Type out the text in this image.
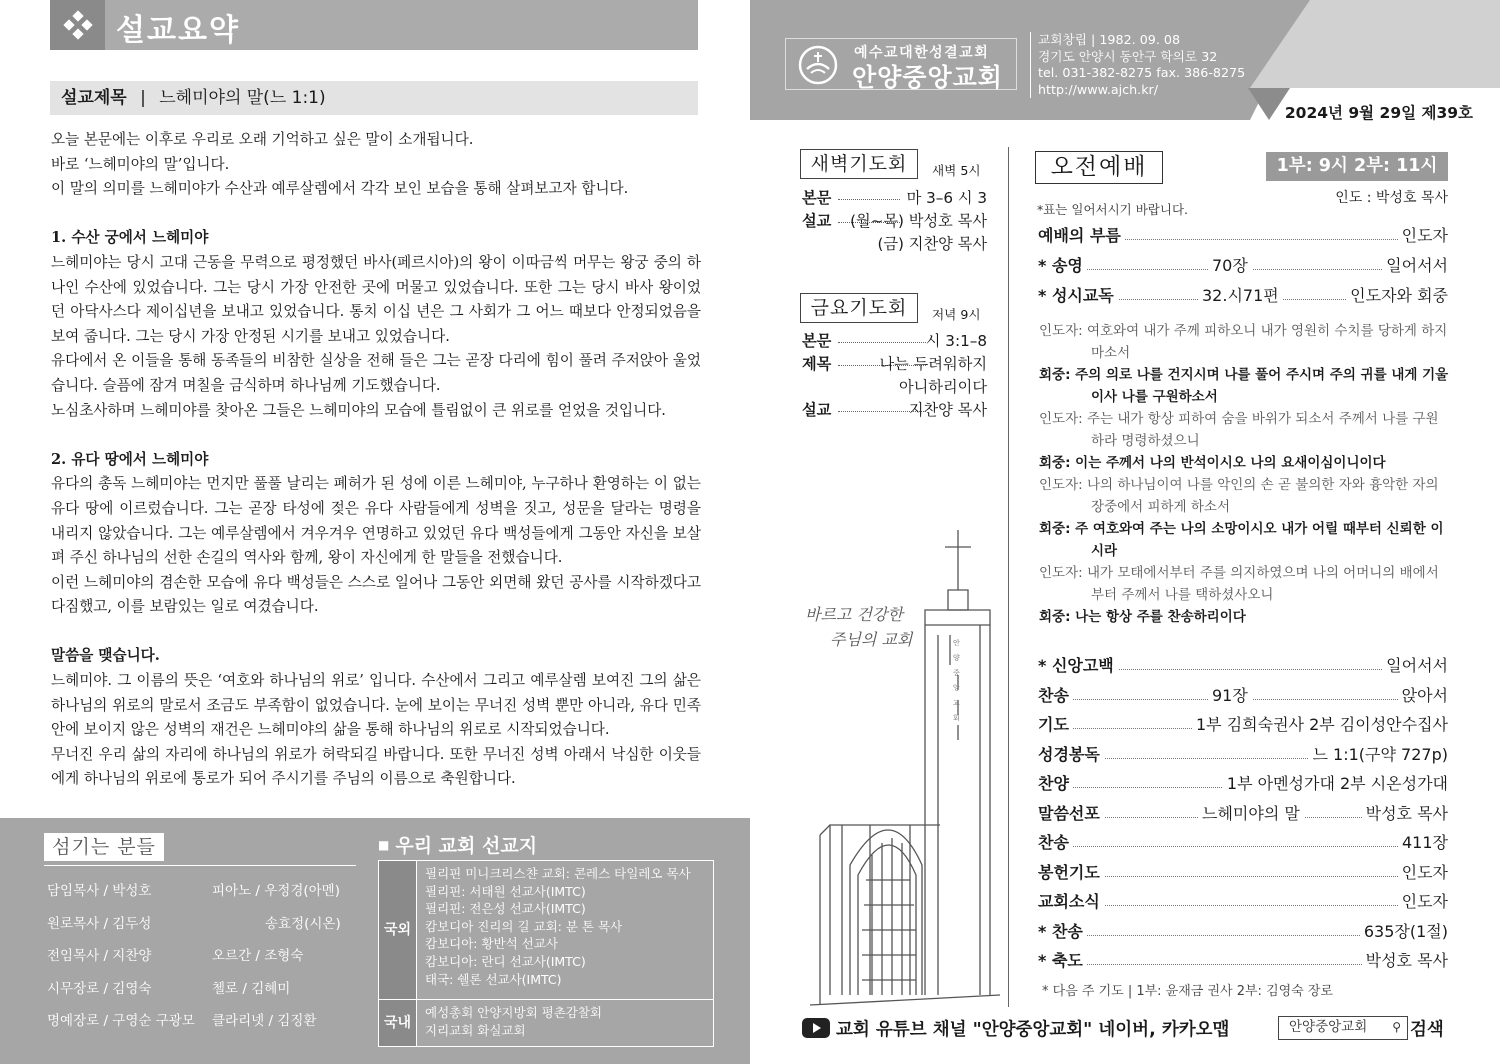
설교요약
설교제목 | 느헤미야의 말(느 1:1)

오늘 본문에는 이후로 우리로 오래 기억하고 싶은 말이 소개됩니다.

바로 ‘느헤미야의 말’입니다.

이 말의 의미를 느헤미야가 수산과 예루살렘에서 각각 보인 보습을 통해 살펴보고자 합니다.

1. 수산 궁에서 느헤미야

느헤미야는 당시 고대 근동을 무력으로 평정했던 바사(페르시아)의 왕이 이따금씩 머무는 왕궁 중의 하나인 수산에 있었습니다. 그는 당시 가장 안전한 곳에 머물고 있었습니다. 또한 그는 당시 바사 왕이었던 아닥사스다 제이십년을 보내고 있었습니다. 통치 이십 년은 그 사회가 그 어느 때보다 안정되었음을 보여 줍니다. 그는 당시 가장 안정된 시기를 보내고 있었습니다.

유다에서 온 이들을 통해 동족들의 비참한 실상을 전해 들은 그는 곧장 다리에 힘이 풀려 주저앉아 울었습니다. 슬픔에 잠겨 며칠을 금식하며 하나님께 기도했습니다.

노심초사하며 느헤미야를 찾아온 그들은 느헤미야의 모습에 틀림없이 큰 위로를 얻었을 것입니다.

2. 유다 땅에서 느헤미야

유다의 총독 느헤미야는 먼지만 풀풀 날리는 폐허가 된 성에 이른 느헤미야, 누구하나 환영하는 이 없는 유다 땅에 이르렀습니다. 그는 곧장 타성에 젖은 유다 사람들에게 성벽을 짓고, 성문을 달라는 명령을 내리지 않았습니다. 그는 예루살렘에서 겨우겨우 연명하고 있었던 유다 백성들에게 그동안 자신을 보살펴 주신 하나님의 선한 손길의 역사와 함께, 왕이 자신에게 한 말들을 전했습니다.

이런 느헤미야의 겸손한 모습에 유다 백성들은 스스로 일어나 그동안 외면해 왔던 공사를 시작하겠다고 다짐했고, 이를 보람있는 일로 여겼습니다.

말씀을 맺습니다.

느헤미야. 그 이름의 뜻은 ‘여호와 하나님의 위로’ 입니다. 수산에서 그리고 예루살렘 보여진 그의 삶은 하나님의 위로의 말로서 조금도 부족함이 없었습니다. 눈에 보이는 무너진 성벽 뿐만 아니라, 유다 민족 안에 보이지 않은 성벽의 재건은 느헤미야의 삶을 통해 하나님의 위로로 시작되었습니다.

무너진 우리 삶의 자리에 하나님의 위로가 허락되길 바랍니다. 또한 무너진 성벽 아래서 낙심한 이웃들에게 하나님의 위로에 통로가 되어 주시기를 주님의 이름으로 축원합니다.

섬기는 분들
담임목사 / 박성호
원로목사 / 김두성
전임목사 / 지찬양
시무장로 / 김영숙
명예장로 / 구영순 구광모
피아노 / 우정경(아멘)
송효정(시온)
오르간 / 조형숙
첼로 / 김혜미
클라리넷 / 김징환
■ 우리 교회 선교지
국외
필리핀 미니크리스챤 교회: 콘레스 타일레오 목사
필리핀: 서태원 선교사(IMTC)
필리핀: 전은성 선교사(IMTC)
캄보디아 진리의 길 교회: 분 톤 목사
캄보디아: 황반석 선교사
캄보디아: 란디 선교사(IMTC)
태국: 쉘론 선교사(IMTC)
국내
예성총회 안양지방회 평촌감찰회
지리교회 화실교회
예수교대한성결교회
안양중앙교회
교회창립 | 1982. 09. 08
경기도 안양시 동안구 학의로 32
tel. 031-382-8275 fax. 386-8275
http://www.ajch.kr/
2024년 9월 29일 제39호
새벽기도회	새벽 5시
본문	마 3–6 시 3
설교 (월~목) 박성호 목사
(금) 지찬양 목사
금요기도회	저녁 9시
본문	시 3:1–8
제목	나는 두려워하지
아니하리이다
설교	지찬양 목사
바르고 건강한
주님의 교회	안
양
중
앙
교
회
오전예배	1부: 9시 2부: 11시
인도 : 박성호 목사
*표는 일어서시기 바랍니다.
예배의 부름	인도자
* 송영	70장	일어서서
* 성시교독	32.시71편	인도자와 회중
인도자: 여호와여 내가 주께 피하오니 내가 영원히 수치를 당하게 하지 마소서
회중: 주의 의로 나를 건지시며 나를 풀어 주시며 주의 귀를 내게 기울이사 나를 구원하소서
인도자: 주는 내가 항상 피하여 숨을 바위가 되소서 주께서 나를 구원하라 명령하셨으니
회중: 이는 주께서 나의 반석이시오 나의 요새이심이니이다
인도자: 나의 하나님이여 나를 악인의 손 곧 불의한 자와 흉악한 자의 장중에서 피하게 하소서
회중: 주 여호와여 주는 나의 소망이시오 내가 어릴 때부터 신뢰한 이시라
인도자: 내가 모태에서부터 주를 의지하였으며 나의 어머니의 배에서부터 주께서 나를 택하셨사오니
회중: 나는 항상 주를 찬송하리이다
* 신앙고백	일어서서
찬송	91장	앉아서
기도	1부 김희숙권사 2부 김이성안수집사
성경봉독	느 1:1(구약 727p)
찬양	1부 아멘성가대 2부 시온성가대
말씀선포	느헤미야의 말	박성호 목사
찬송	411장
봉헌기도	인도자
교회소식	인도자
* 찬송	635장(1절)
* 축도	박성호 목사
* 다음 주 기도 | 1부: 윤재금 권사 2부: 김영숙 장로
교회 유튜브 채널 "안양중앙교회" 네이버, 카카오맵	안양중앙교회 ⚲ 검색
